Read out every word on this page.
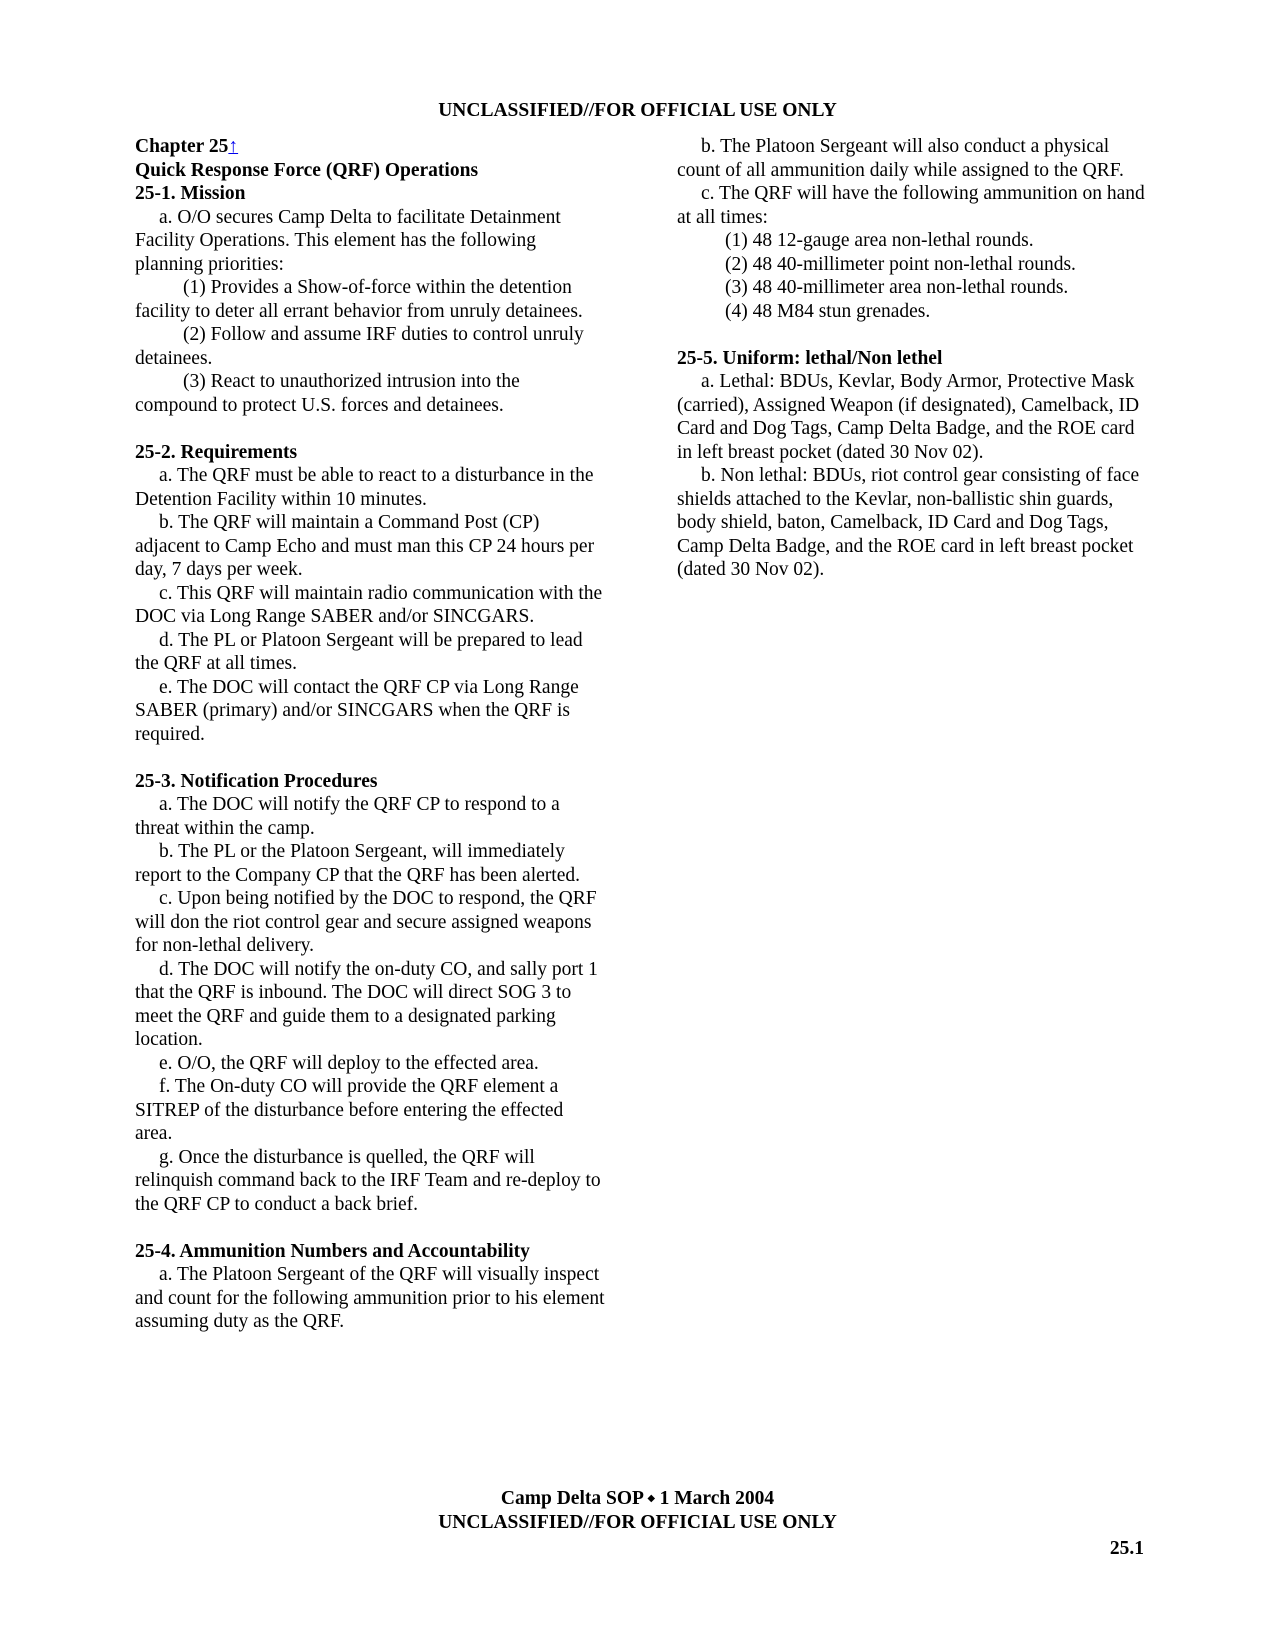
UNCLASSIFIED//FOR OFFICIAL USE ONLY
Chapter 25↑
Quick Response Force (QRF) Operations
25-1. Mission
a. O/O secures Camp Delta to facilitate Detainment Facility Operations. This element has the following planning priorities:
(1) Provides a Show-of-force within the detention facility to deter all errant behavior from unruly detainees.
(2) Follow and assume IRF duties to control unruly detainees.
(3) React to unauthorized intrusion into the compound to protect U.S. forces and detainees.
25-2. Requirements
a. The QRF must be able to react to a disturbance in the Detention Facility within 10 minutes.
b. The QRF will maintain a Command Post (CP) adjacent to Camp Echo and must man this CP 24 hours per day, 7 days per week.
c. This QRF will maintain radio communication with the DOC via Long Range SABER and/or SINCGARS.
d. The PL or Platoon Sergeant will be prepared to lead the QRF at all times.
e. The DOC will contact the QRF CP via Long Range SABER (primary) and/or SINCGARS when the QRF is required.
25-3. Notification Procedures
a. The DOC will notify the QRF CP to respond to a threat within the camp.
b. The PL or the Platoon Sergeant, will immediately report to the Company CP that the QRF has been alerted.
c. Upon being notified by the DOC to respond, the QRF will don the riot control gear and secure assigned weapons for non-lethal delivery.
d. The DOC will notify the on-duty CO, and sally port 1 that the QRF is inbound. The DOC will direct SOG 3 to meet the QRF and guide them to a designated parking location.
e. O/O, the QRF will deploy to the effected area.
f. The On-duty CO will provide the QRF element a SITREP of the disturbance before entering the effected area.
g. Once the disturbance is quelled, the QRF will relinquish command back to the IRF Team and re-deploy to the QRF CP to conduct a back brief.
25-4. Ammunition Numbers and Accountability
a. The Platoon Sergeant of the QRF will visually inspect and count for the following ammunition prior to his element assuming duty as the QRF.
b. The Platoon Sergeant will also conduct a physical count of all ammunition daily while assigned to the QRF.
c. The QRF will have the following ammunition on hand at all times:
(1) 48 12-gauge area non-lethal rounds.
(2) 48 40-millimeter point non-lethal rounds.
(3) 48 40-millimeter area non-lethal rounds.
(4) 48 M84 stun grenades.
25-5. Uniform: lethal/Non lethel
a. Lethal: BDUs, Kevlar, Body Armor, Protective Mask (carried), Assigned Weapon (if designated), Camelback, ID Card and Dog Tags, Camp Delta Badge, and the ROE card in left breast pocket (dated 30 Nov 02).
b. Non lethal: BDUs, riot control gear consisting of face shields attached to the Kevlar, non-ballistic shin guards, body shield, baton, Camelback, ID Card and Dog Tags, Camp Delta Badge, and the ROE card in left breast pocket (dated 30 Nov 02).
Camp Delta SOP ⬩ 1 March 2004
UNCLASSIFIED//FOR OFFICIAL USE ONLY
25.1
